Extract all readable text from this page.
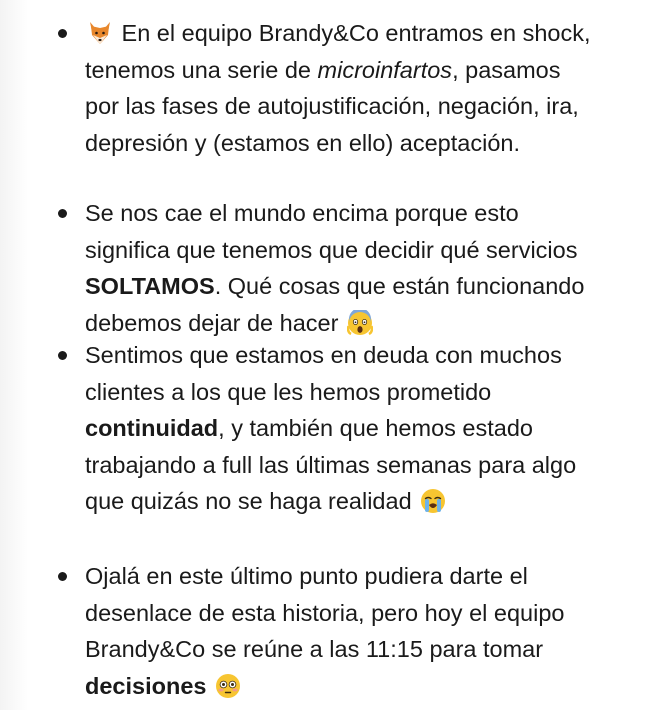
En el equipo Brandy&Co entramos en shock,
tenemos una serie de microinfartos, pasamos
por las fases de autojustificación, negación, ira,
depresión y (estamos en ello) aceptación.
Se nos cae el mundo encima porque esto
significa que tenemos que decidir qué servicios
SOLTAMOS. Qué cosas que están funcionando
debemos dejar de hacer
Sentimos que estamos en deuda con muchos
clientes a los que les hemos prometido
continuidad, y también que hemos estado
trabajando a full las últimas semanas para algo
que quizás no se haga realidad
Ojalá en este último punto pudiera darte el
desenlace de esta historia, pero hoy el equipo
Brandy&Co se reúne a las 11:15 para tomar
decisiones
